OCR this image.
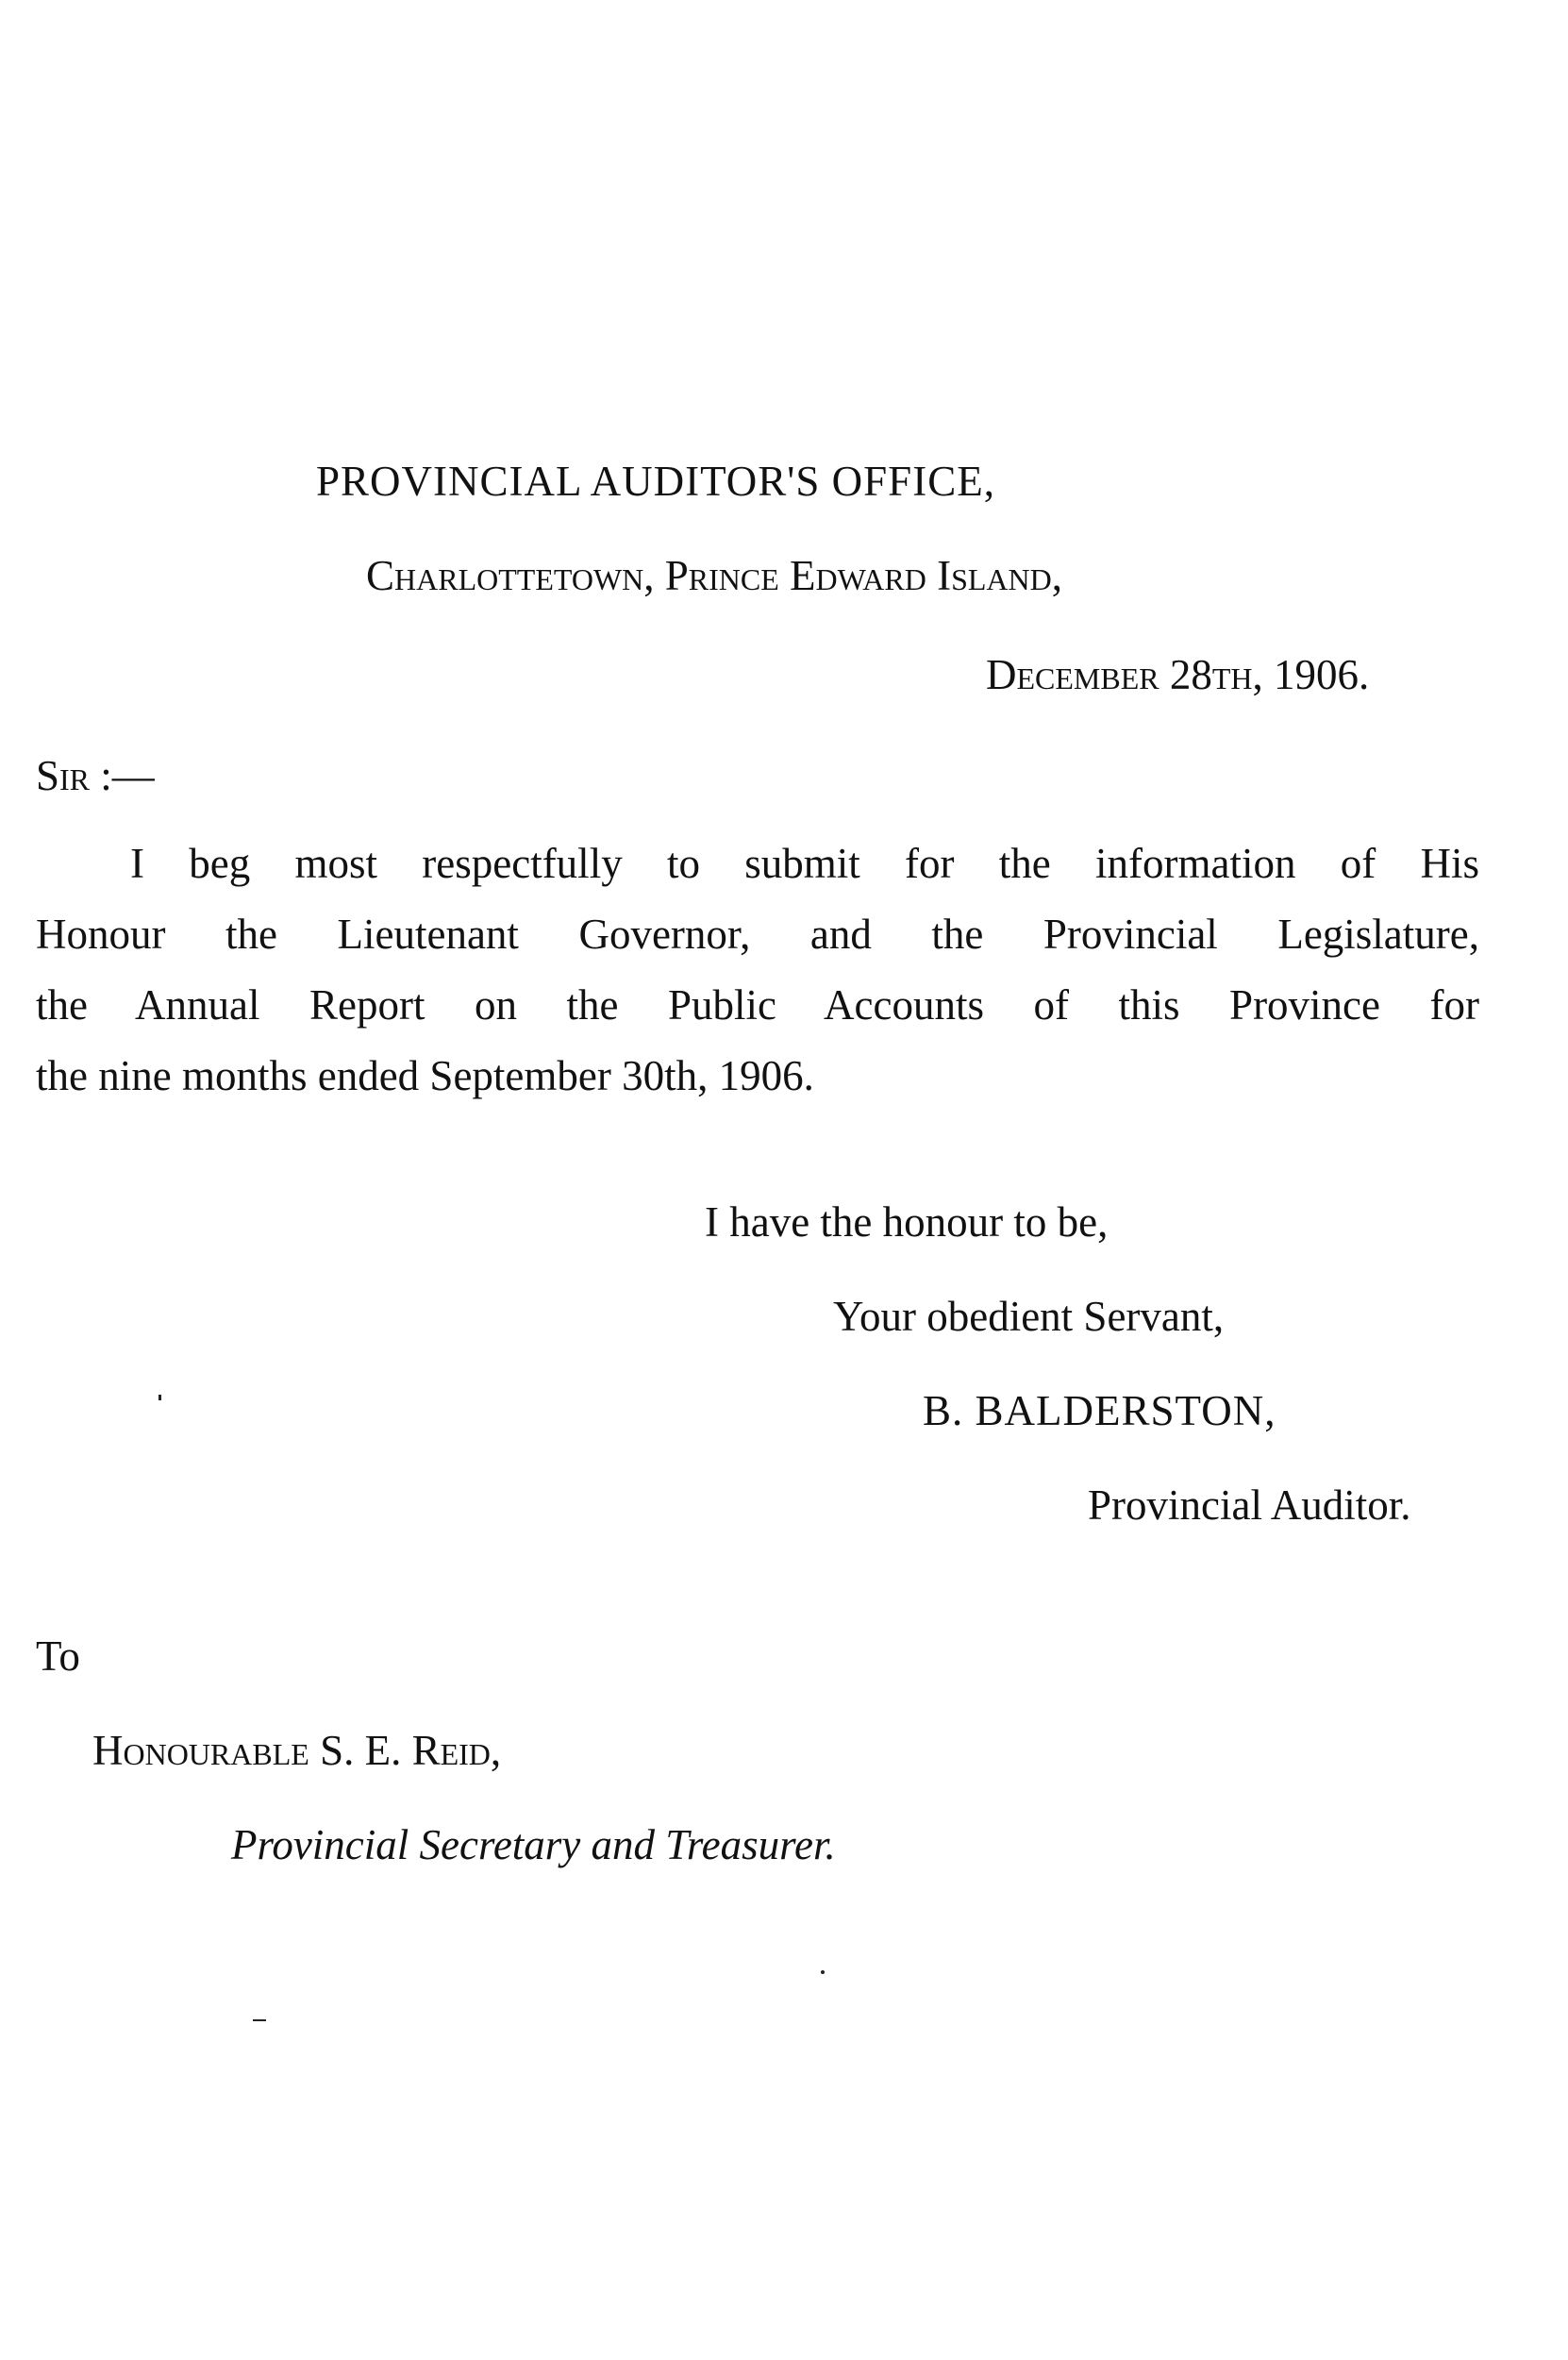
PROVINCIAL AUDITOR'S OFFICE,
Charlottetown, Prince Edward Island,
December 28th, 1906.
Sir :—
I beg most respectfully to submit for the information of His
Honour the Lieutenant Governor, and the Provincial Legislature,
the Annual Report on the Public Accounts of this Province for
the nine months ended September 30th, 1906.
I have the honour to be,
Your obedient Servant,
B. BALDERSTON,
Provincial Auditor.
To
Honourable S. E. Reid,
Provincial Secretary and Treasurer.
